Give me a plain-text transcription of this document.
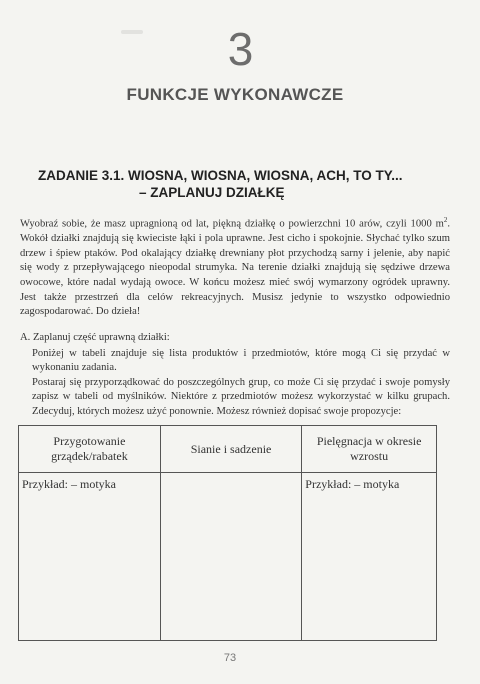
3
FUNKCJE WYKONAWCZE
ZADANIE 3.1. WIOSNA, WIOSNA, WIOSNA, ACH, TO TY...
– ZAPLANUJ DZIAŁKĘ

Wyobraź sobie, że masz upragnioną od lat, piękną działkę o powierzchni 10 arów, czyli 1000 $m^2$. Wokół działki znajdują się kwieciste łąki i pola uprawne. Jest cicho i spokojnie. Słychać tylko szum drzew i śpiew ptaków. Pod okalający działkę drewniany płot przychodzą sarny i jelenie, aby napić się wody z przepływającego nieopodal strumyka. Na terenie działki znajdują się sędziwe drzewa owocowe, które nadal wydają owoce. W końcu możesz mieć swój wymarzony ogródek uprawny. Jest także przestrzeń dla celów rekreacyjnych. Musisz jedynie to wszystko odpowiednio zagospodarować. Do dzieła!

A. Zaplanuj część uprawną działki:

Poniżej w tabeli znajduje się lista produktów i przedmiotów, które mogą Ci się przydać w wykonaniu zadania.

Postaraj się przyporządkować do poszczególnych grup, co może Ci się przydać i swoje pomysły zapisz w tabeli od myślników. Niektóre z przedmiotów możesz wykorzystać w kilku grupach. Zdecyduj, których możesz użyć ponownie. Możesz również dopisać swoje propozycje:

Przygotowanie grządek/rabatek	Sianie i sadzenie	Pielęgnacja w okresie wzrostu
Przykład: – motyka		Przykład: – motyka
73
